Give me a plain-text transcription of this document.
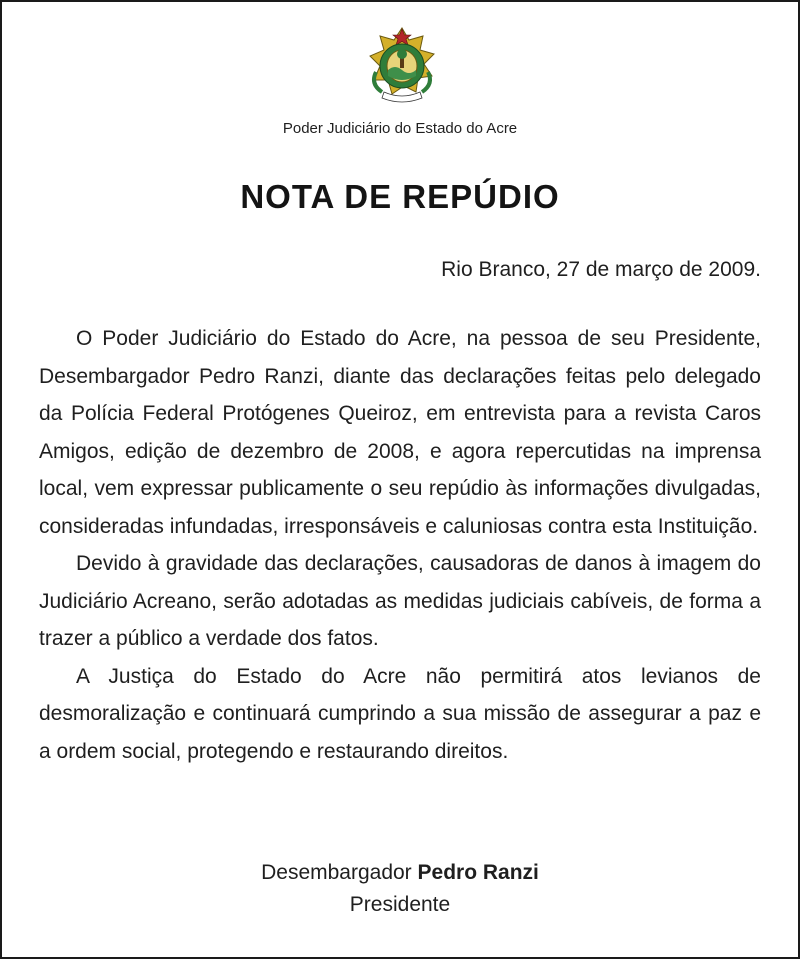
Poder Judiciário do Estado do Acre
NOTA DE REPÚDIO
Rio Branco, 27 de março de 2009.

O Poder Judiciário do Estado do Acre, na pessoa de seu Presidente, Desembargador Pedro Ranzi, diante das declarações feitas pelo delegado da Polícia Federal Protógenes Queiroz, em entrevista para a revista Caros Amigos, edição de dezembro de 2008, e agora repercutidas na imprensa local, vem expressar publicamente o seu repúdio às informações divulgadas, consideradas infundadas, irresponsáveis e caluniosas contra esta Instituição.

Devido à gravidade das declarações, causadoras de danos à imagem do Judiciário Acreano, serão adotadas as medidas judiciais cabíveis, de forma a trazer a público a verdade dos fatos.

A Justiça do Estado do Acre não permitirá atos levianos de desmoralização e continuará cumprindo a sua missão de assegurar a paz e a ordem social, protegendo e restaurando direitos.

Desembargador Pedro Ranzi
Presidente
